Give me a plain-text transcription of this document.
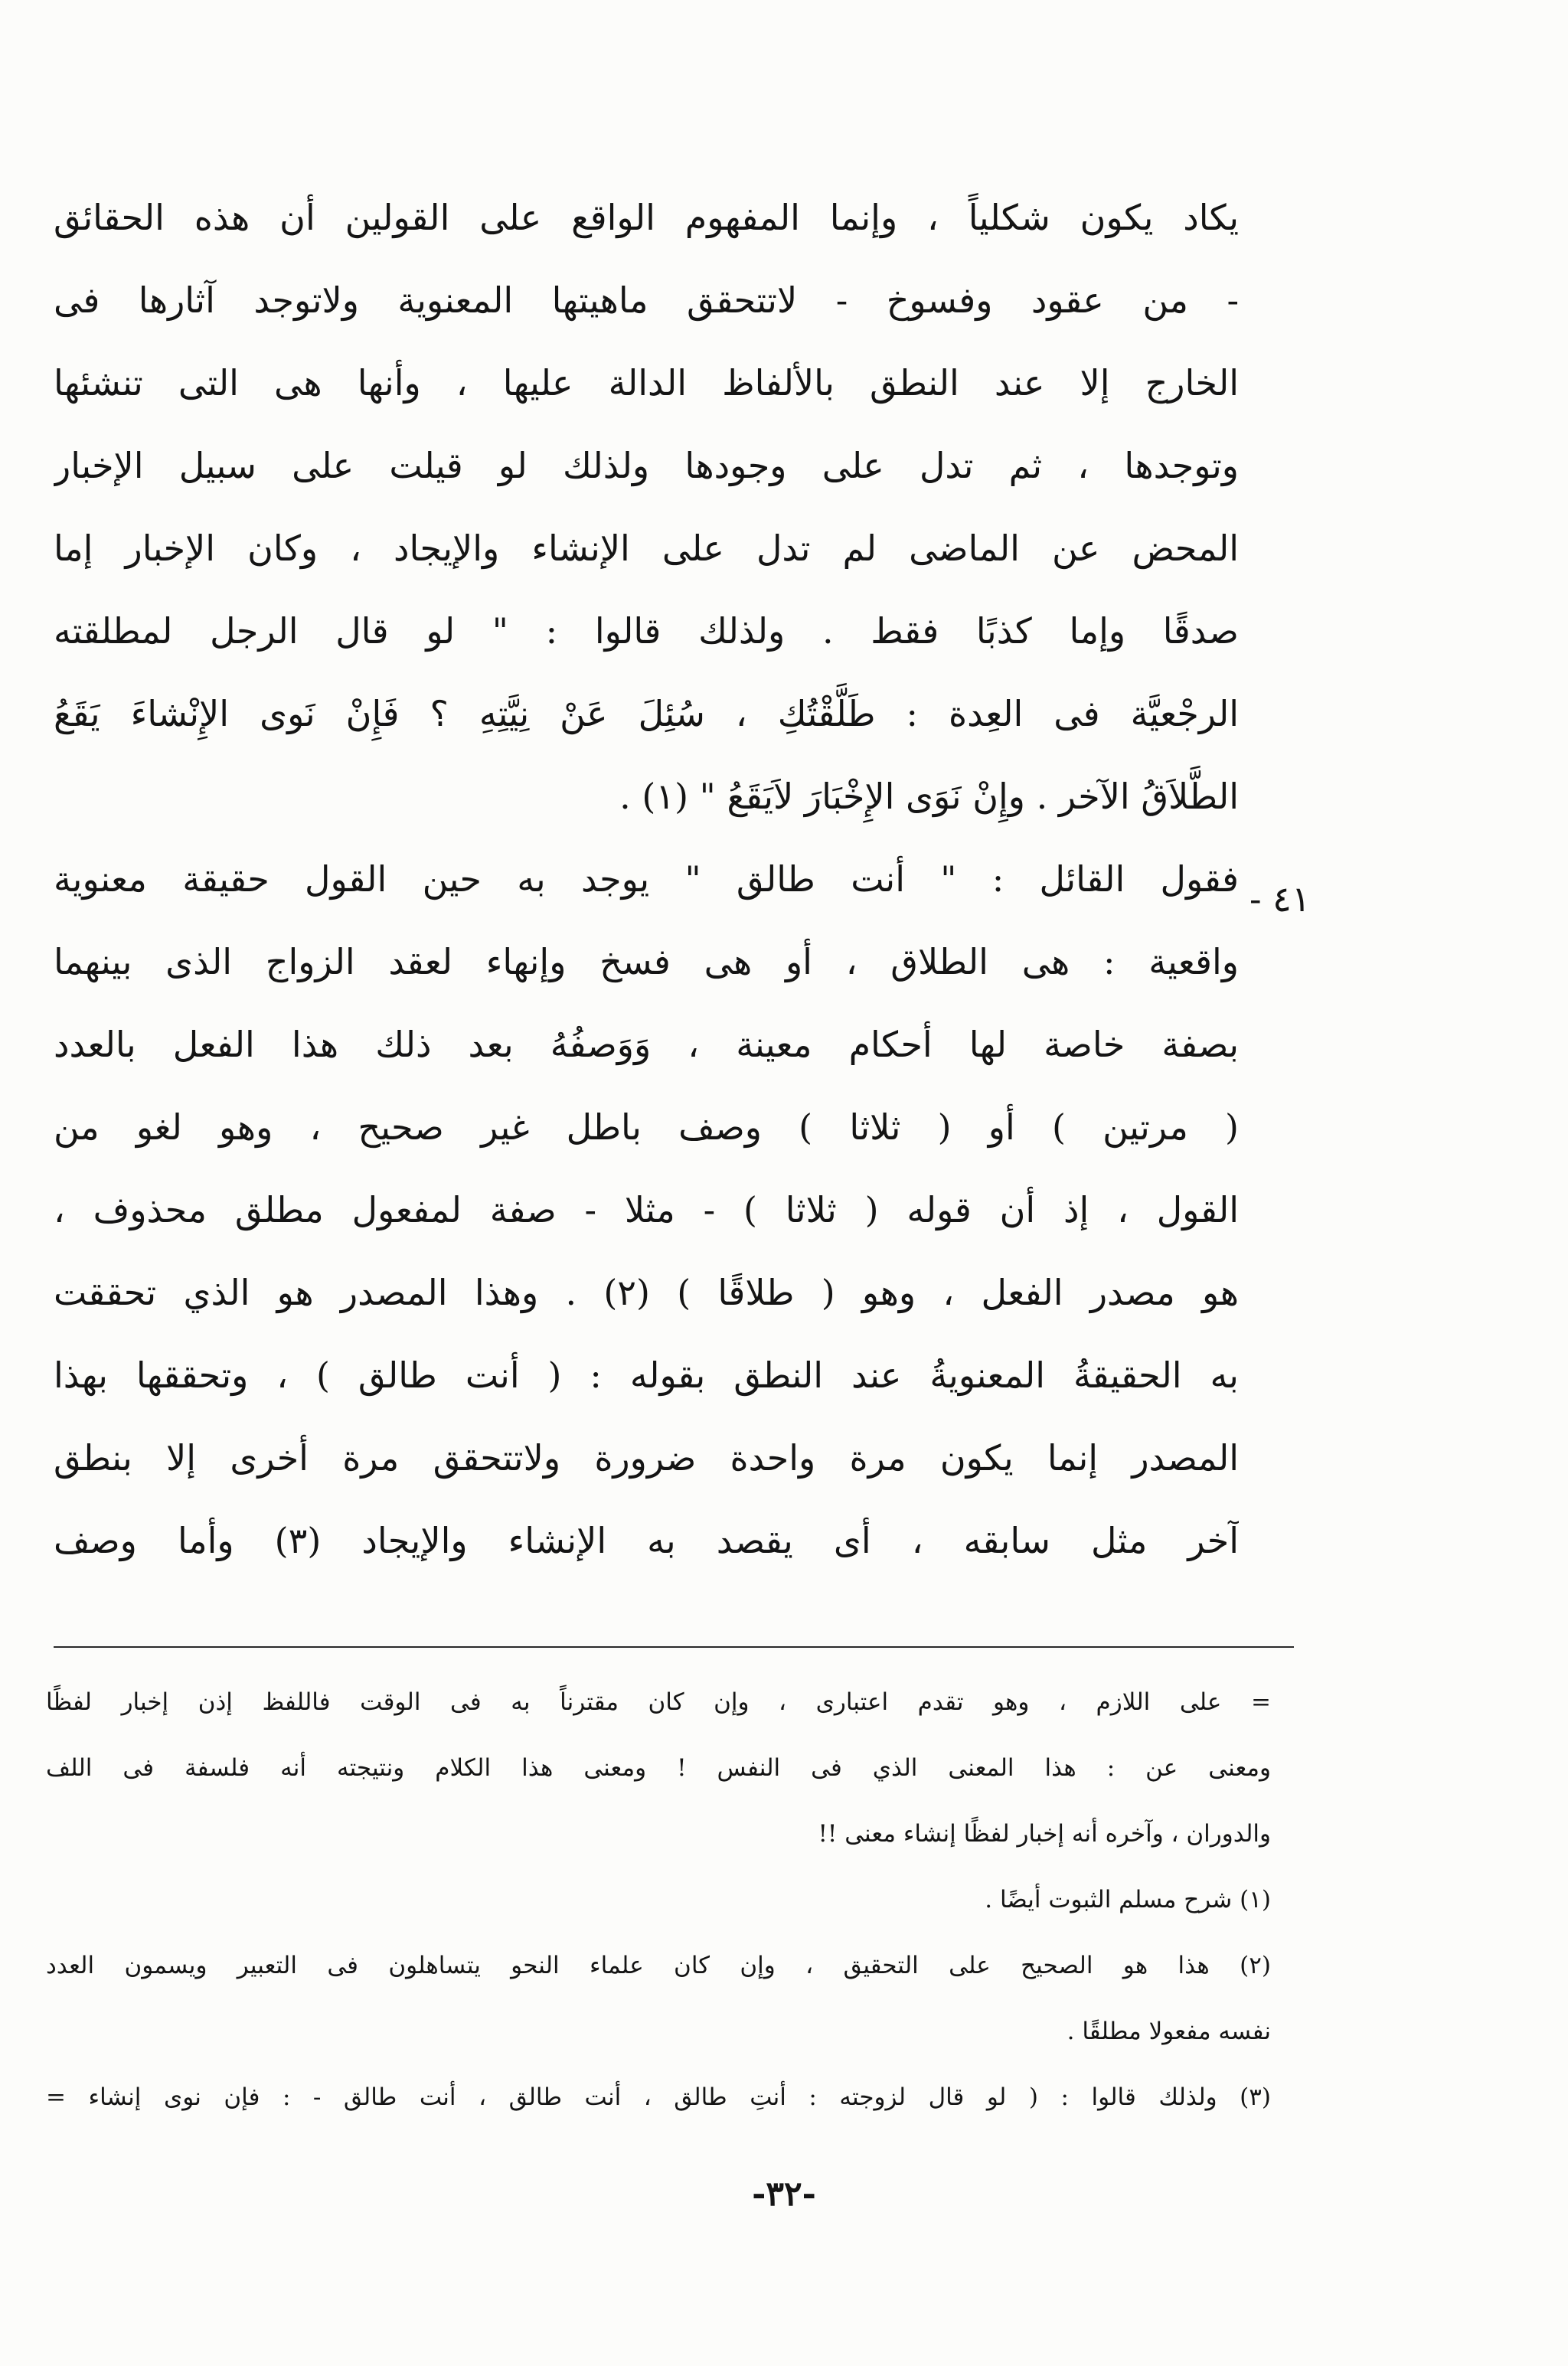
يكاد يكون شكلياً ، وإنما المفهوم الواقع على القولين أن هذه الحقائق
- من عقود وفسوخ - لاتتحقق ماهيتها المعنوية ولاتوجد آثارها فى
الخارج إلا عند النطق بالألفاظ الدالة عليها ، وأنها هى التى تنشئها
وتوجدها ، ثم تدل على وجودها ولذلك لو قيلت على سبيل الإخبار
المحض عن الماضى لم تدل على الإنشاء والإيجاد ، وكان الإخبار إما
صدقًا وإما كذبًا فقط . ولذلك قالوا : " لو قال الرجل لمطلقته
الرجْعيَّة فى العِدة : طَلَّقْتُكِ ، سُئِلَ عَنْ نِيَّتِهِ ؟ فَإِنْ نَوى الإِنْشاءَ يَقَعُ
الطَّلاَقُ الآخر . وإِنْ نَوَى الإِخْبَارَ لاَيَقَعُ " (١) .
فقول القائل : " أنت طالق " يوجد به حين القول حقيقة معنوية
واقعية : هى الطلاق ، أو هى فسخ وإنهاء لعقد الزواج الذى بينهما
بصفة خاصة لها أحكام معينة ، وَوَصفُهُ بعد ذلك هذا الفعل بالعدد
( مرتين ) أو ( ثلاثا ) وصف باطل غير صحيح ، وهو لغو من
القول ، إذ أن قوله ( ثلاثا ) - مثلا - صفة لمفعول مطلق محذوف ،
هو مصدر الفعل ، وهو ( طلاقًا ) (٢) . وهذا المصدر هو الذي تحققت
به الحقيقةُ المعنويةُ عند النطق بقوله : ( أنت طالق ) ، وتحققها بهذا
المصدر إنما يكون مرة واحدة ضرورة ولاتتحقق مرة أخرى إلا بنطق
آخر مثل سابقه ، أى يقصد به الإنشاء والإيجاد (٣) وأما وصف
٤١ -
= على اللازم ، وهو تقدم اعتبارى ، وإن كان مقترناً به فى الوقت فاللفظ إذن إخبار لفظًا
ومعنى عن : هذا المعنى الذي فى النفس ! ومعنى هذا الكلام ونتيجته أنه فلسفة فى اللف
والدوران ، وآخره أنه إخبار لفظًا إنشاء معنى !!
(١) شرح مسلم الثبوت أيضًا .
(٢) هذا هو الصحيح على التحقيق ، وإن كان علماء النحو يتساهلون فى التعبير ويسمون العدد
نفسه مفعولا مطلقًا .
(٣) ولذلك قالوا : ( لو قال لزوجته : أنتِ طالق ، أنت طالق ، أنت طالق - : فإن نوى إنشاء =
-٣٢-
